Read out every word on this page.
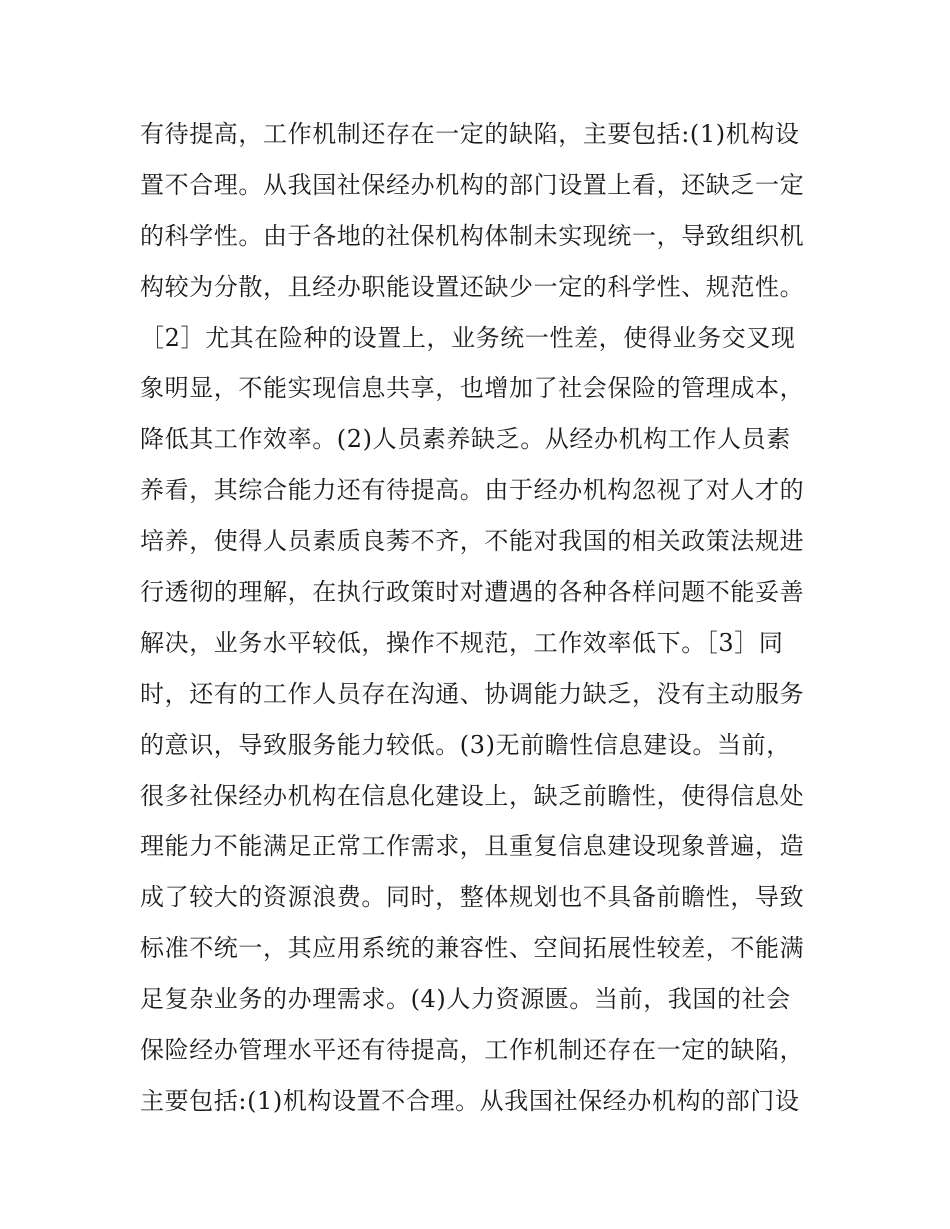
有待提高，工作机制还存在一定的缺陷，主要包括:(1)机构设
置不合理。从我国社保经办机构的部门设置上看，还缺乏一定
的科学性。由于各地的社保机构体制未实现统一，导致组织机
构较为分散，且经办职能设置还缺少一定的科学性、规范性。
［2］尤其在险种的设置上，业务统一性差，使得业务交叉现
象明显，不能实现信息共享，也增加了社会保险的管理成本，
降低其工作效率。(2)人员素养缺乏。从经办机构工作人员素
养看，其综合能力还有待提高。由于经办机构忽视了对人才的
培养，使得人员素质良莠不齐，不能对我国的相关政策法规进
行透彻的理解，在执行政策时对遭遇的各种各样问题不能妥善
解决，业务水平较低，操作不规范，工作效率低下。［3］同
时，还有的工作人员存在沟通、协调能力缺乏，没有主动服务
的意识，导致服务能力较低。(3)无前瞻性信息建设。当前，
很多社保经办机构在信息化建设上，缺乏前瞻性，使得信息处
理能力不能满足正常工作需求，且重复信息建设现象普遍，造
成了较大的资源浪费。同时，整体规划也不具备前瞻性，导致
标准不统一，其应用系统的兼容性、空间拓展性较差，不能满
足复杂业务的办理需求。(4)人力资源匮。当前，我国的社会
保险经办管理水平还有待提高，工作机制还存在一定的缺陷，
主要包括:(1)机构设置不合理。从我国社保经办机构的部门设
